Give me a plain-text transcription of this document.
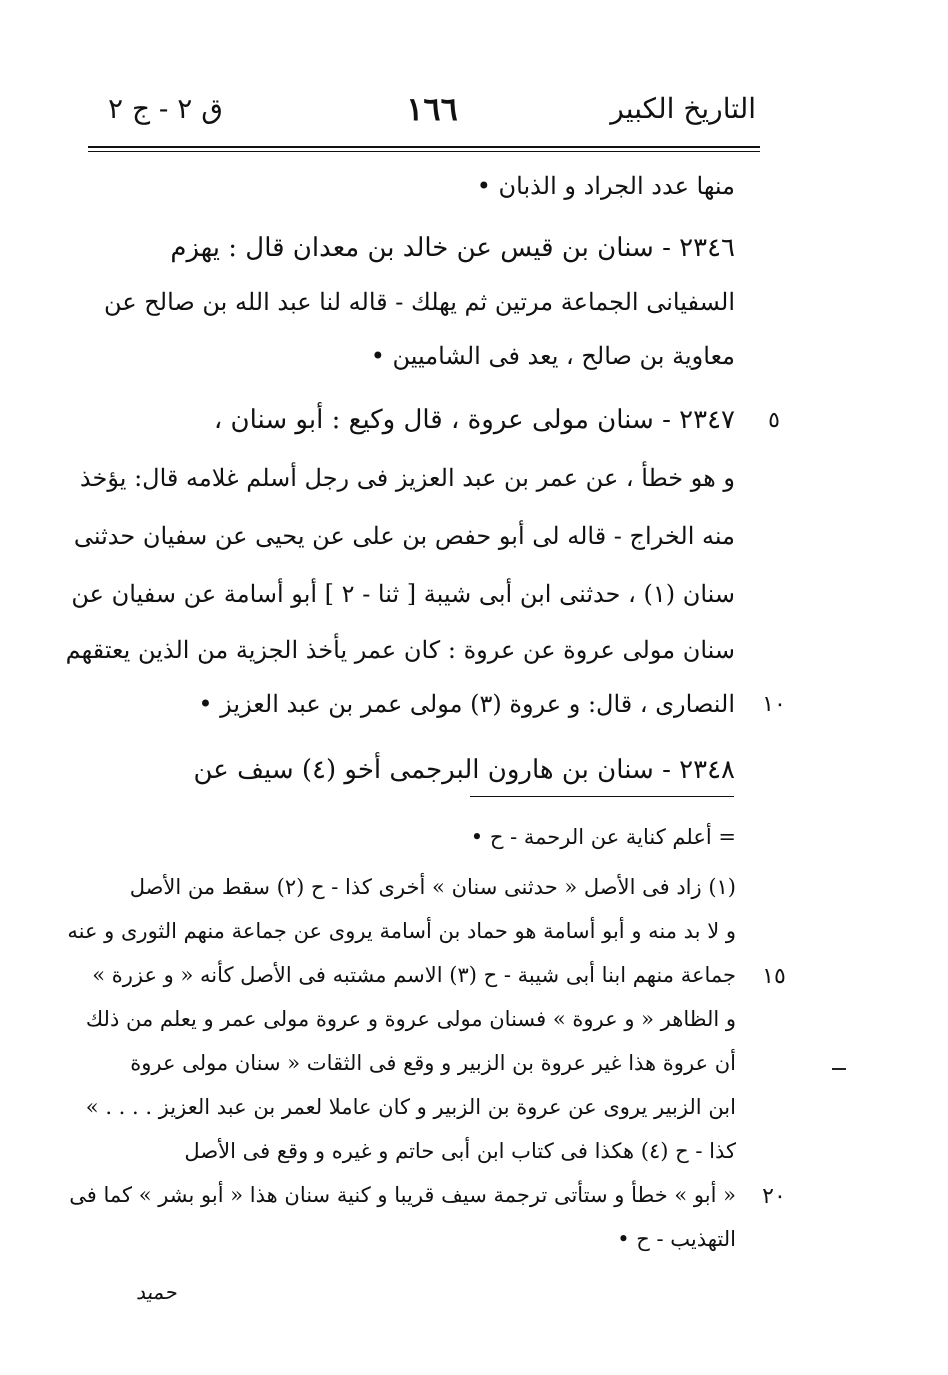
التاريخ الكبير
١٦٦
ق ٢ - ج ٢
منها عدد الجراد و الذبان •
٢٣٤٦ - سنان بن قيس عن خالد بن معدان قال : يهزم
السفيانى الجماعة مرتين ثم يهلك - قاله لنا عبد الله بن صالح عن
معاوية بن صالح ، يعد فى الشاميين •
٢٣٤٧ - سنان مولى عروة ، قال وكيع : أبو سنان ،
و هو خطأ ، عن عمر بن عبد العزيز فى رجل أسلم غلامه قال: يؤخذ
منه الخراج - قاله لى أبو حفص بن على عن يحيى عن سفيان حدثنى
سنان (١) ، حدثنى ابن أبى شيبة [ ثنا - ٢ ] أبو أسامة عن سفيان عن
سنان مولى عروة عن عروة : كان عمر يأخذ الجزية من الذين يعتقهم
النصارى ، قال: و عروة (٣) مولى عمر بن عبد العزيز •
٢٣٤٨ - سنان بن هارون البرجمى أخو (٤) سيف عن
= أعلم كناية عن الرحمة - ح •
(١) زاد فى الأصل « حدثنى سنان » أخرى كذا - ح (٢) سقط من الأصل
و لا بد منه و أبو أسامة هو حماد بن أسامة يروى عن جماعة منهم الثورى و عنه
جماعة منهم ابنا أبى شيبة - ح (٣) الاسم مشتبه فى الأصل كأنه « و عزرة »
و الظاهر « و عروة » فسنان مولى عروة و عروة مولى عمر و يعلم من ذلك
أن عروة هذا غير عروة بن الزبير و وقع فى الثقات « سنان مولى عروة
ابن الزبير يروى عن عروة بن الزبير و كان عاملا لعمر بن عبد العزيز . . . . »
كذا - ح (٤) هكذا فى كتاب ابن أبى حاتم و غيره و وقع فى الأصل
« أبو » خطأ و ستأتى ترجمة سيف قريبا و كنية سنان هذا « أبو بشر » كما فى
التهذيب - ح •
٥
١٠
١٥
٢٠
حميد
